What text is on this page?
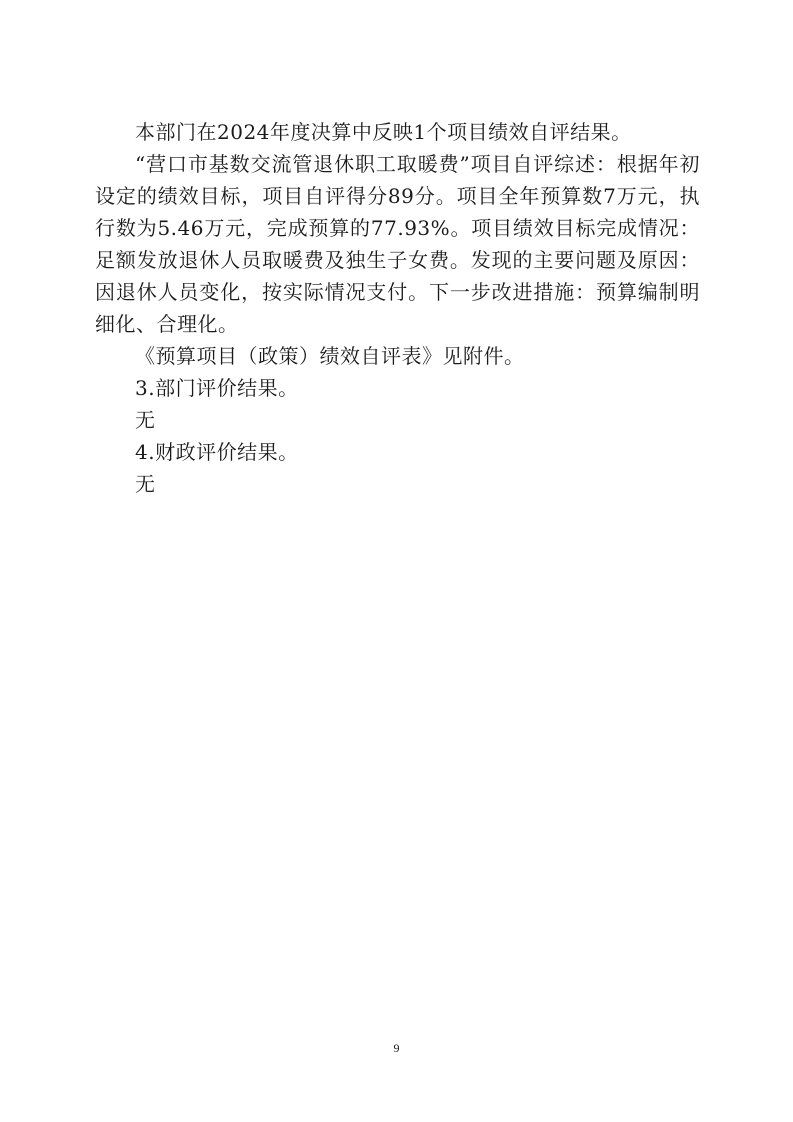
本部门在2024年度决算中反映1个项目绩效自评结果。

“营口市基数交流管退休职工取暖费”项目自评综述：根据年初设定的绩效目标，项目自评得分89分。项目全年预算数7万元，执行数为5.46万元，完成预算的77.93%。项目绩效目标完成情况：足额发放退休人员取暖费及独生子女费。发现的主要问题及原因：因退休人员变化，按实际情况支付。下一步改进措施：预算编制明细化、合理化。

《预算项目（政策）绩效自评表》见附件。

3.部门评价结果。

无

4.财政评价结果。

无

9
